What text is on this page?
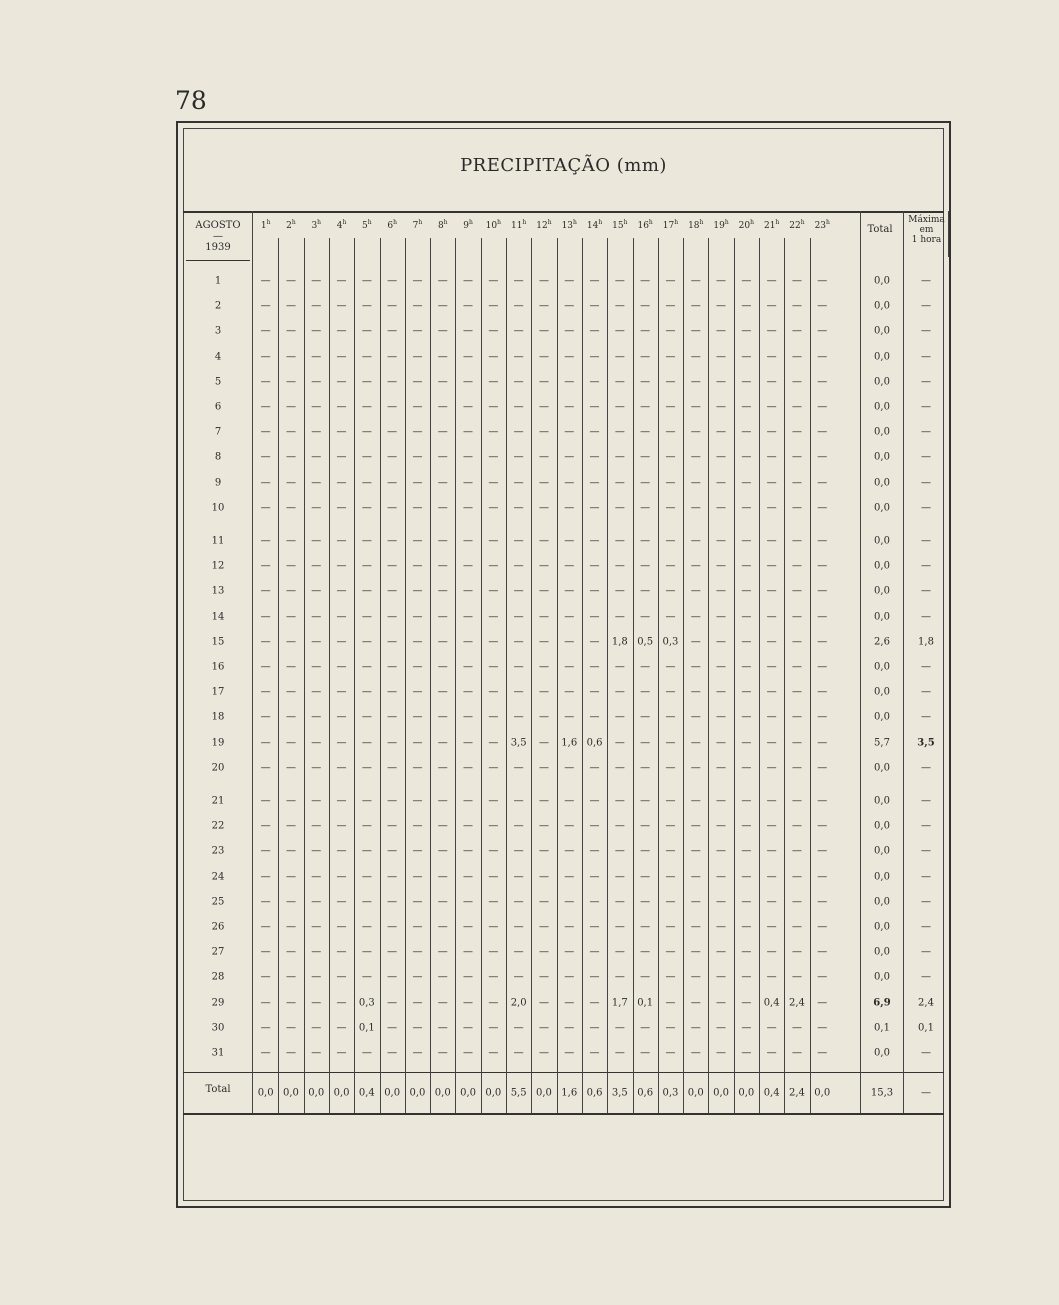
78
PRECIPITAÇÃO (mm)
AGOSTO
—
1939
Total
Máxima
em
1 hora
1$^h$ 2$^h$ 3$^h$ 4$^h$ 5$^h$ 6$^h$ 7$^h$ 8$^h$ 9$^h$ 10$^h$ 11$^h$ 12$^h$ 13$^h$ 14$^h$ 15$^h$ 16$^h$ 17$^h$ 18$^h$ 19$^h$ 20$^h$ 21$^h$ 22$^h$ 23$^h$
1	— — — — — — — — — — — — — — — — — — — — — — —	0,0	—
2	— — — — — — — — — — — — — — — — — — — — — — —	0,0	—
3	— — — — — — — — — — — — — — — — — — — — — — —	0,0	—
4	— — — — — — — — — — — — — — — — — — — — — — —	0,0	—
5	— — — — — — — — — — — — — — — — — — — — — — —	0,0	—
6	— — — — — — — — — — — — — — — — — — — — — — —	0,0	—
7	— — — — — — — — — — — — — — — — — — — — — — —	0,0	—
8	— — — — — — — — — — — — — — — — — — — — — — —	0,0	—
9	— — — — — — — — — — — — — — — — — — — — — — —	0,0	—
10	— — — — — — — — — — — — — — — — — — — — — — —	0,0	—
11	— — — — — — — — — — — — — — — — — — — — — — —	0,0	—
12	— — — — — — — — — — — — — — — — — — — — — — —	0,0	—
13	— — — — — — — — — — — — — — — — — — — — — — —	0,0	—
14	— — — — — — — — — — — — — — — — — — — — — — —	0,0	—
15	— — — — — — — — — — — — — — 1,8 0,5 0,3 — — — — — —	2,6	1,8
16	— — — — — — — — — — — — — — — — — — — — — — —	0,0	—
17	— — — — — — — — — — — — — — — — — — — — — — —	0,0	—
18	— — — — — — — — — — — — — — — — — — — — — — —	0,0	—
19	— — — — — — — — — — 3,5 — 1,6 0,6 — — — — — — — — —	5,7	3,5
20	— — — — — — — — — — — — — — — — — — — — — — —	0,0	—
21	— — — — — — — — — — — — — — — — — — — — — — —	0,0	—
22	— — — — — — — — — — — — — — — — — — — — — — —	0,0	—
23	— — — — — — — — — — — — — — — — — — — — — — —	0,0	—
24	— — — — — — — — — — — — — — — — — — — — — — —	0,0	—
25	— — — — — — — — — — — — — — — — — — — — — — —	0,0	—
26	— — — — — — — — — — — — — — — — — — — — — — —	0,0	—
27	— — — — — — — — — — — — — — — — — — — — — — —	0,0	—
28	— — — — — — — — — — — — — — — — — — — — — — —	0,0	—
29	— — — — 0,3 — — — — — 2,0 — — — 1,7 0,1 — — — — 0,4 2,4 —	6,9	2,4
30	— — — — 0,1 — — — — — — — — — — — — — — — — — —	0,1	0,1
31	— — — — — — — — — — — — — — — — — — — — — — —	0,0	—
0,0 0,0 0,0 0,0 0,4 0,0 0,0 0,0 0,0 0,0 5,5 0,0 1,6 0,6 3,5 0,6 0,3 0,0 0,0 0,0 0,4 2,4 0,0	15,3	—
Total
